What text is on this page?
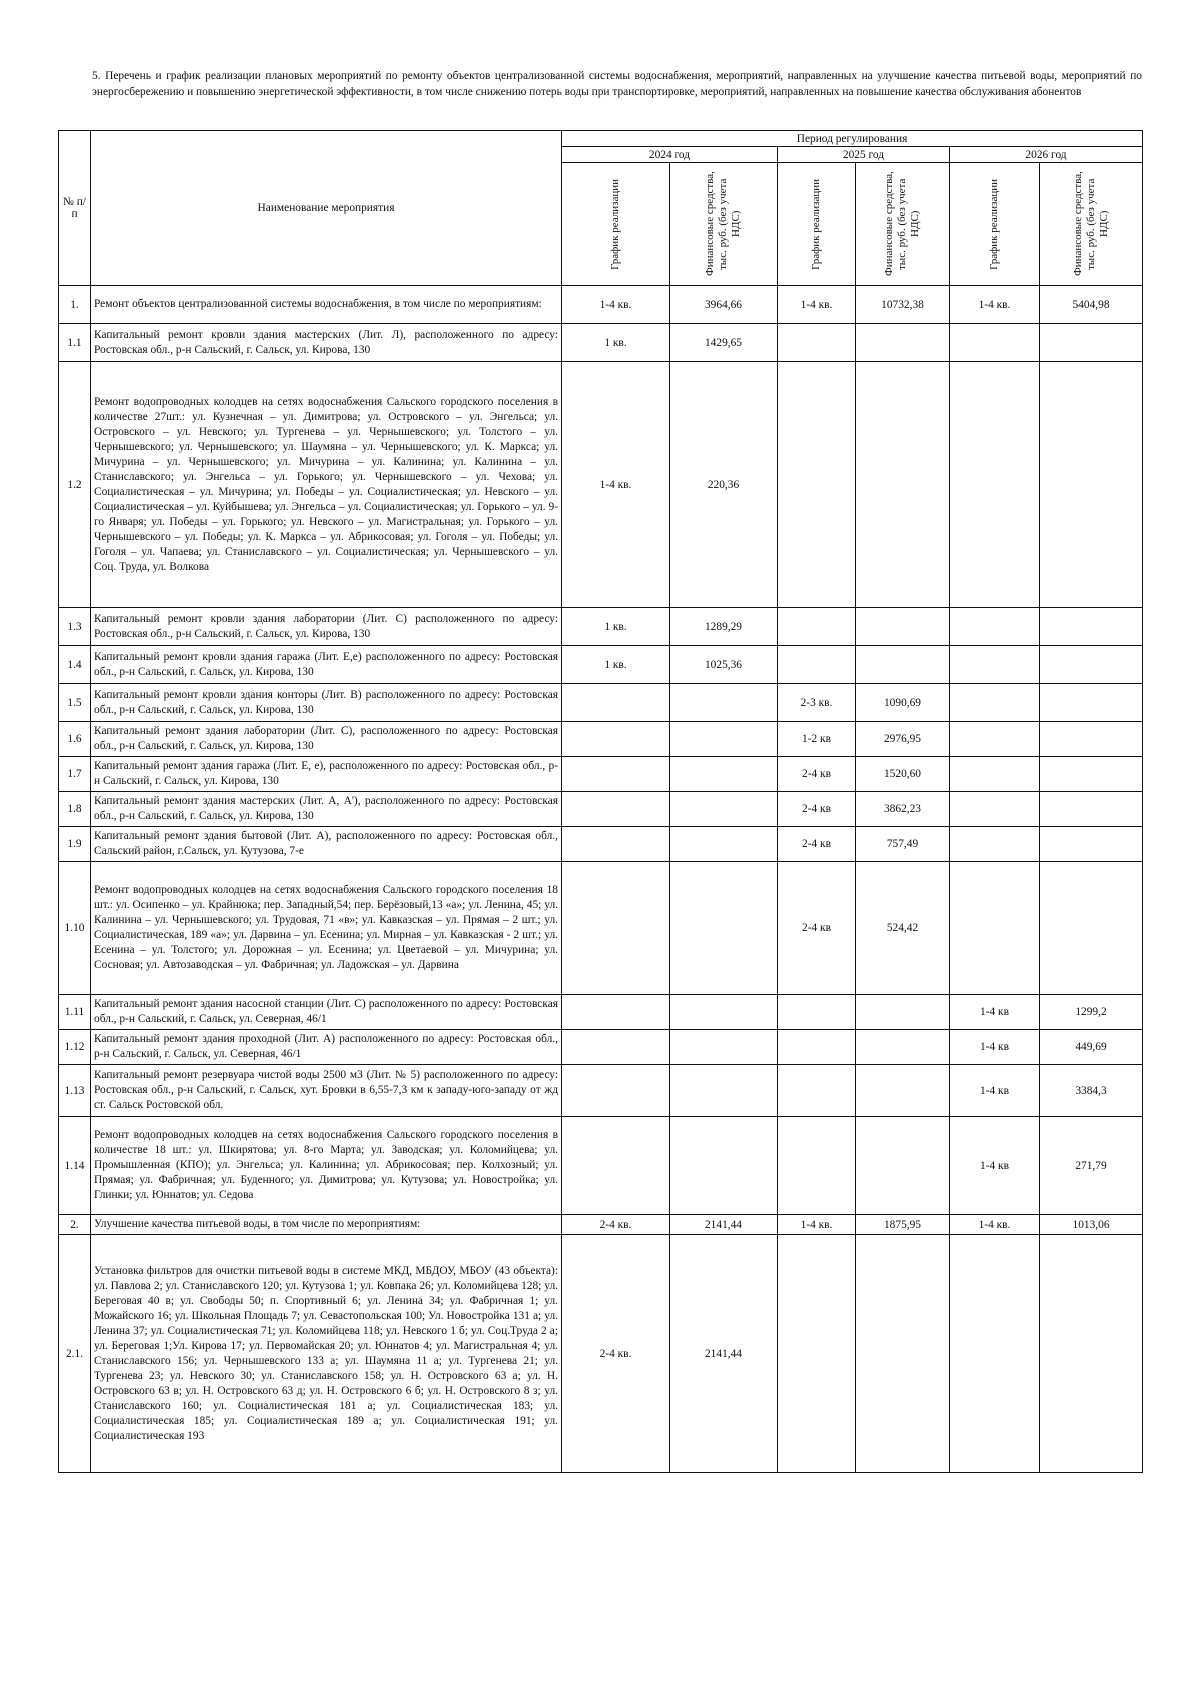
5. Перечень и график реализации плановых мероприятий по ремонту объектов централизованной системы водоснабжения, мероприятий, направленных на улучшение качества питьевой воды, мероприятий по энергосбережению и повышению энергетической эффективности, в том числе снижению потерь воды при транспортировке, мероприятий, направленных на повышение качества обслуживания абонентов
№ п/п	Наименование мероприятия	Период регулирования					
		2024 год		2025 год		2026 год	

		График реализации	Финансовые средства, тыс. руб. (без учета НДС)	График реализации	Финансовые средства, тыс. руб. (без учета НДС)	График реализации	Финансовые средства, тыс. руб. (без учета НДС)

1.	Ремонт объектов централизованной системы водоснабжения, в том числе по мероприятиям:	1-4 кв.	3964,66	1-4 кв.	10732,38	1-4 кв.	5404,98
1.1	Капитальный ремонт кровли здания мастерских (Лит. Л), расположенного по адресу: Ростовская обл., р-н Сальский, г. Сальск, ул. Кирова, 130	1 кв.	1429,65				
1.2	Ремонт водопроводных колодцев на сетях водоснабжения Сальского городского поселения в количестве 27шт.: ул. Кузнечная – ул. Димитрова; ул. Островского – ул. Энгельса; ул. Островского – ул. Невского; ул. Тургенева – ул. Чернышевского; ул. Толстого – ул. Чернышевского; ул. Чернышевского; ул. Шаумяна – ул. Чернышевского; ул. К. Маркса; ул. Мичурина – ул. Чернышевского; ул. Мичурина – ул. Калинина; ул. Калинина – ул. Станиславского; ул. Энгельса – ул. Горького; ул. Чернышевского – ул. Чехова; ул. Социалистическая – ул. Мичурина; ул. Победы – ул. Социалистическая; ул. Невского – ул. Социалистическая – ул. Куйбышева; ул. Энгельса – ул. Социалистическая; ул. Горького – ул. 9-го Января; ул. Победы – ул. Горького; ул. Невского – ул. Магистральная; ул. Горького – ул. Чернышевского – ул. Победы; ул. К. Маркса – ул. Абрикосовая; ул. Гоголя – ул. Победы; ул. Гоголя – ул. Чапаева; ул. Станиславского – ул. Социалистическая; ул. Чернышевского – ул. Соц. Труда, ул. Волкова	1-4 кв.	220,36				
1.3	Капитальный ремонт кровли здания лаборатории (Лит. С) расположенного по адресу: Ростовская обл., р-н Сальский, г. Сальск, ул. Кирова, 130	1 кв.	1289,29				
1.4	Капитальный ремонт кровли здания гаража (Лит. Е,е) расположенного по адресу: Ростовская обл., р-н Сальский, г. Сальск, ул. Кирова, 130	1 кв.	1025,36				
1.5	Капитальный ремонт кровли здания конторы (Лит. В) расположенного по адресу: Ростовская обл., р-н Сальский, г. Сальск, ул. Кирова, 130			2-3 кв.	1090,69		
1.6	Капитальный ремонт здания лаборатории (Лит. С), расположенного по адресу: Ростовская обл., р-н Сальский, г. Сальск, ул. Кирова, 130			1-2 кв	2976,95		
1.7	Капитальный ремонт здания гаража (Лит. Е, е), расположенного по адресу: Ростовская обл., р-н Сальский, г. Сальск, ул. Кирова, 130			2-4 кв	1520,60		
1.8	Капитальный ремонт здания мастерских (Лит. А, А'), расположенного по адресу: Ростовская обл., р-н Сальский, г. Сальск, ул. Кирова, 130			2-4 кв	3862,23		
1.9	Капитальный ремонт здания бытовой (Лит. А), расположенного по адресу: Ростовская обл., Сальский район, г.Сальск, ул. Кутузова, 7-е			2-4 кв	757,49		
1.10	Ремонт водопроводных колодцев на сетях водоснабжения Сальского городского поселения 18 шт.: ул. Осипенко – ул. Крайнюка; пер. Западный,54; пер. Берёзовый,13 «а»; ул. Ленина, 45; ул. Калинина – ул. Чернышевского; ул. Трудовая, 71 «в»; ул. Кавказская – ул. Прямая – 2 шт.; ул. Социалистическая, 189 «а»; ул. Дарвина – ул. Есенина; ул. Мирная – ул. Кавказская - 2 шт.; ул. Есенина – ул. Толстого; ул. Дорожная – ул. Есенина; ул. Цветаевой – ул. Мичурина; ул. Сосновая; ул. Автозаводская – ул. Фабричная; ул. Ладожская – ул. Дарвина			2-4 кв	524,42		
1.11	Капитальный ремонт здания насосной станции (Лит. С) расположенного по адресу: Ростовская обл., р-н Сальский, г. Сальск, ул. Северная, 46/1					1-4 кв	1299,2
1.12	Капитальный ремонт здания проходной (Лит. А) расположенного по адресу: Ростовская обл., р-н Сальский, г. Сальск, ул. Северная, 46/1					1-4 кв	449,69
1.13	Капитальный ремонт резервуара чистой воды 2500 м3 (Лит. № 5) расположенного по адресу: Ростовская обл., р-н Сальский, г. Сальск, хут. Бровки в 6,55-7,3 км к западу-юго-западу от жд ст. Сальск Ростовской обл.					1-4 кв	3384,3
1.14	Ремонт водопроводных колодцев на сетях водоснабжения Сальского городского поселения в количестве 18 шт.: ул. Шкирятова; ул. 8-го Марта; ул. Заводская; ул. Коломийцева; ул. Промышленная (КПО); ул. Энгельса; ул. Калинина; ул. Абрикосовая; пер. Колхозный; ул. Прямая; ул. Фабричная; ул. Буденного; ул. Димитрова; ул. Кутузова; ул. Новостройка; ул. Глинки; ул. Юннатов; ул. Седова					1-4 кв	271,79
2.	Улучшение качества питьевой воды, в том числе по мероприятиям:	2-4 кв.	2141,44	1-4 кв.	1875,95	1-4 кв.	1013,06
2.1.	Установка фильтров для очистки питьевой воды в системе МКД, МБДОУ, МБОУ (43 объекта): ул. Павлова 2; ул. Станиславского 120; ул. Кутузова 1; ул. Ковпака 26; ул. Коломийцева 128; ул. Береговая 40 в; ул. Свободы 50; п. Спортивный 6; ул. Ленина 34; ул. Фабричная 1; ул. Можайского 16; ул. Школьная Площадь 7; ул. Севастопольская 100; Ул. Новостройка 131 а; ул. Ленина 37; ул. Социалистическая 71; ул. Коломийцева 118; ул. Невского 1 б; ул. Соц.Труда 2 а; ул. Береговая 1;Ул. Кирова 17; ул. Первомайская 20; ул. Юннатов 4; ул. Магистральная 4; ул. Станиславского 156; ул. Чернышевского 133 а; ул. Шаумяна 11 а; ул. Тургенева 21; ул. Тургенева 23; ул. Невского 30; ул. Станиславского 158; ул. Н. Островского 63 а; ул. Н. Островского 63 в; ул. Н. Островского 63 д; ул. Н. Островского 6 б; ул. Н. Островского 8 з; ул. Станиславского 160; ул. Социалистическая 181 а; ул. Социалистическая 183; ул. Социалистическая 185; ул. Социалистическая 189 а; ул. Социалистическая 191; ул. Социалистическая 193	2-4 кв.	2141,44				
